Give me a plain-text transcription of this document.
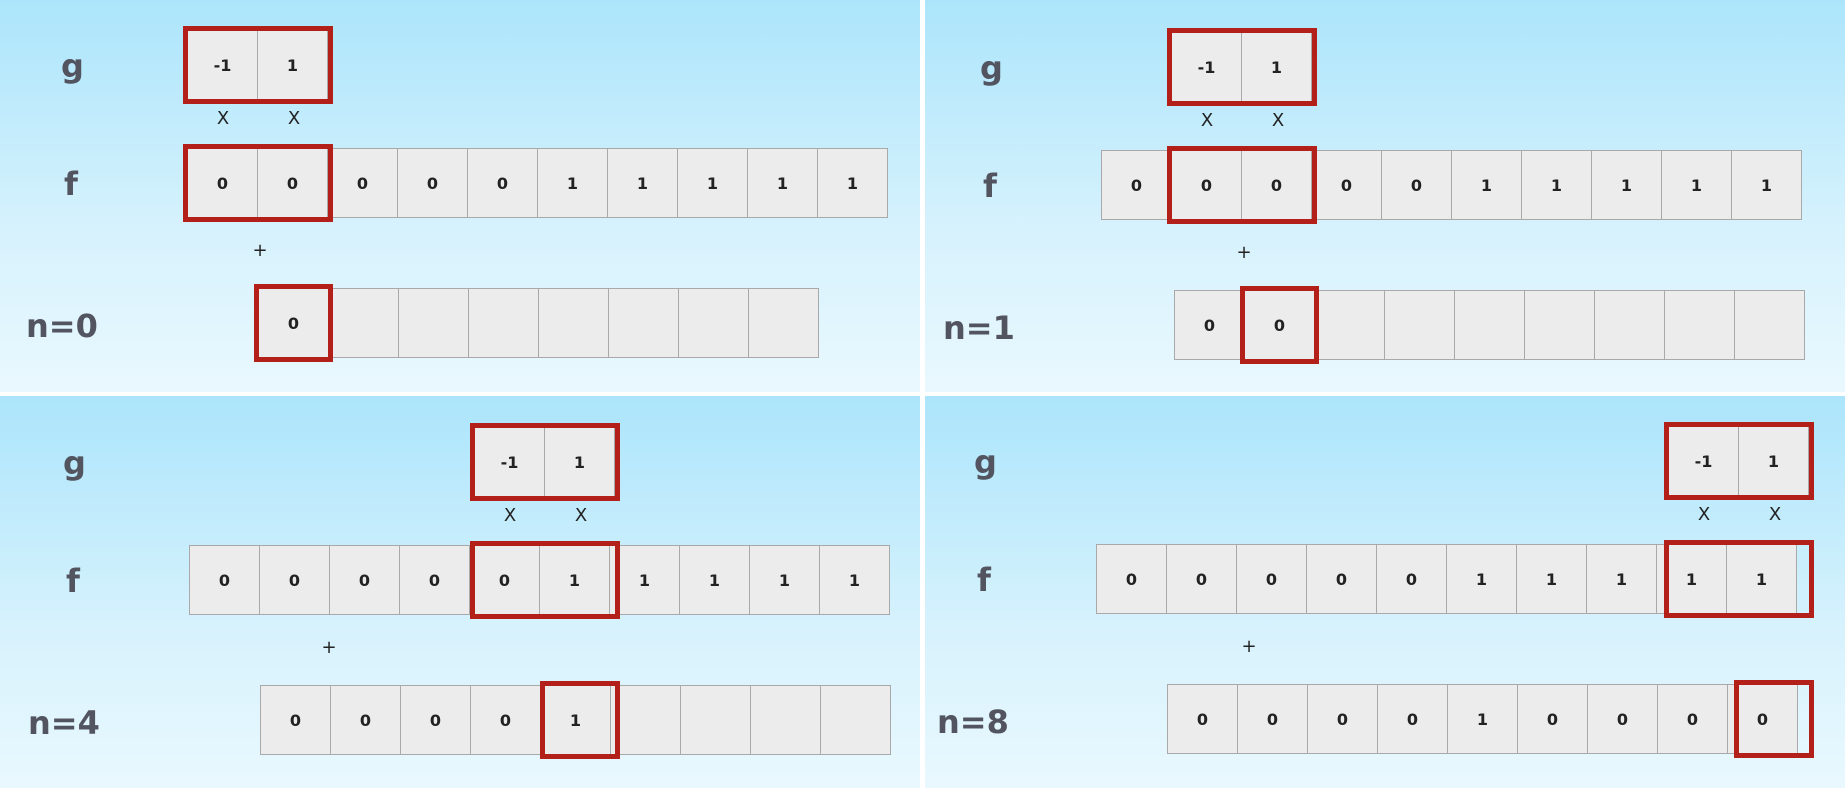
g	-1	1
X	X
f	0	0	0	0	0	1	1	1	1	1
+
n=0	0
g	-1	1
X	X
f	0	0	0	0	0	1	1	1	1	1
+
n=1	0	0
g	-1	1
X	X
f	0	0	0	0	0	1	1	1	1	1
+
n=4	0	0	0	0	1
g	-1	1
X	X
f	0	0	0	0	0	1	1	1	1	1
+
n=8	0	0	0	0	1	0	0	0	0
